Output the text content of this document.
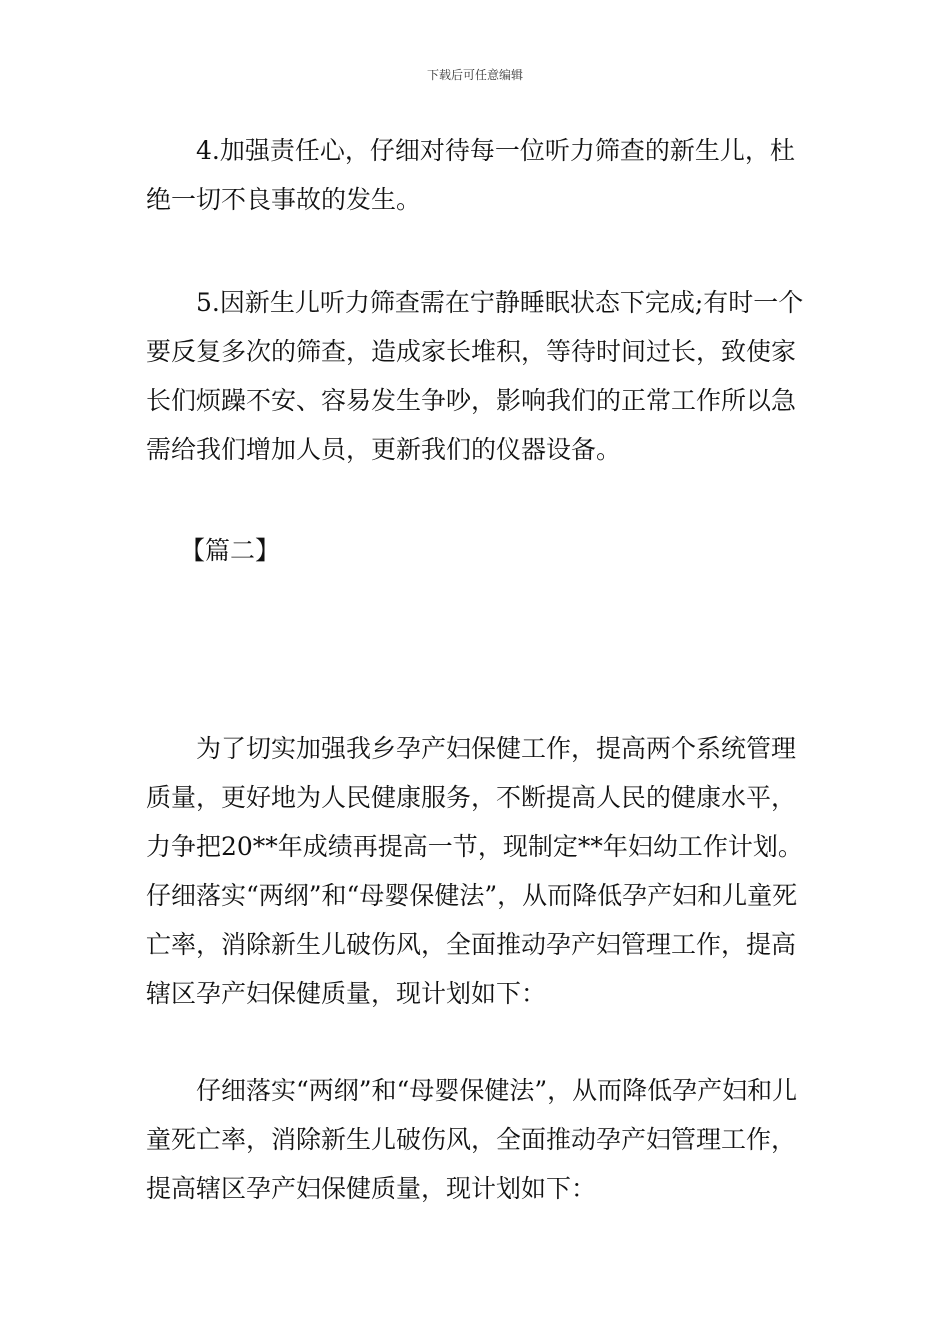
下载后可任意编辑

4.加强责任心，仔细对待每一位听力筛查的新生儿，杜绝一切不良事故的发生。

5.因新生儿听力筛查需在宁静睡眠状态下完成;有时一个要反复多次的筛查，造成家长堆积，等待时间过长，致使家长们烦躁不安、容易发生争吵，影响我们的正常工作所以急需给我们增加人员，更新我们的仪器设备。

【篇二】

为了切实加强我乡孕产妇保健工作，提高两个系统管理质量，更好地为人民健康服务，不断提高人民的健康水平，力争把20**年成绩再提高一节，现制定**年妇幼工作计划。仔细落实“两纲”和“母婴保健法”，从而降低孕产妇和儿童死亡率，消除新生儿破伤风，全面推动孕产妇管理工作，提高辖区孕产妇保健质量，现计划如下：

仔细落实“两纲”和“母婴保健法”，从而降低孕产妇和儿童死亡率，消除新生儿破伤风，全面推动孕产妇管理工作，提高辖区孕产妇保健质量，现计划如下：
